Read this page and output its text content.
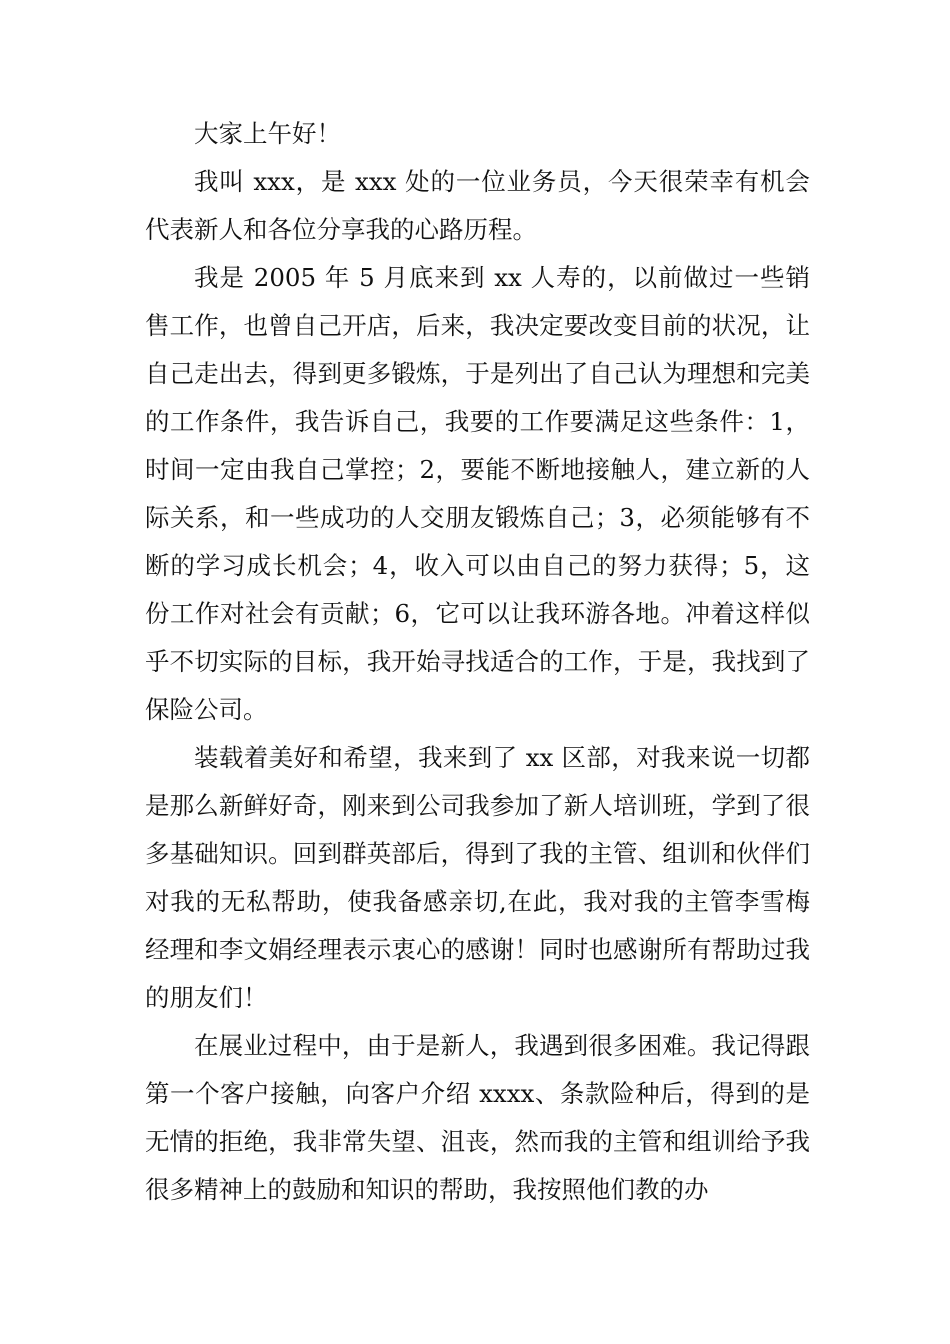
大家上午好！

我叫 xxx，是 xxx 处的一位业务员，今天很荣幸有机会代表新人和各位分享我的心路历程。

我是 2005 年 5 月底来到 xx 人寿的，以前做过一些销售工作，也曾自己开店，后来，我决定要改变目前的状况，让自己走出去，得到更多锻炼，于是列出了自己认为理想和完美的工作条件，我告诉自己，我要的工作要满足这些条件：1，时间一定由我自己掌控；2，要能不断地接触人，建立新的人际关系，和一些成功的人交朋友锻炼自己；3，必须能够有不断的学习成长机会；4，收入可以由自己的努力获得；5，这份工作对社会有贡献；6，它可以让我环游各地。冲着这样似乎不切实际的目标，我开始寻找适合的工作，于是，我找到了保险公司。

装载着美好和希望，我来到了 xx 区部，对我来说一切都是那么新鲜好奇，刚来到公司我参加了新人培训班，学到了很多基础知识。回到群英部后，得到了我的主管、组训和伙伴们对我的无私帮助，使我备感亲切,在此，我对我的主管李雪梅经理和李文娟经理表示衷心的感谢！同时也感谢所有帮助过我的朋友们！

在展业过程中，由于是新人，我遇到很多困难。我记得跟第一个客户接触，向客户介绍 xxxx、条款险种后，得到的是无情的拒绝，我非常失望、沮丧，然而我的主管和组训给予我很多精神上的鼓励和知识的帮助，我按照他们教的办
